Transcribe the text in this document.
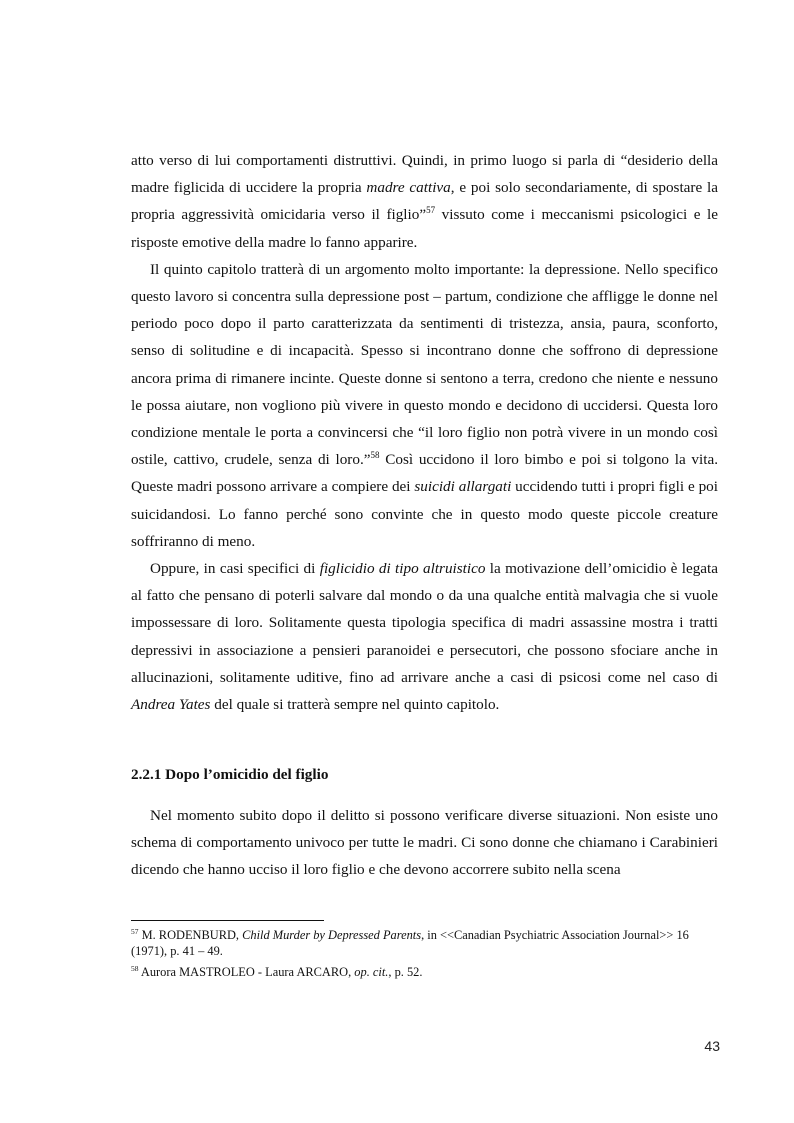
atto verso di lui comportamenti distruttivi. Quindi, in primo luogo si parla di “desiderio della madre figlicida di uccidere la propria madre cattiva, e poi solo secondariamente, di spostare la propria aggressività omicidaria verso il figlio”$^{57}$ vissuto come i meccanismi psicologici e le risposte emotive della madre lo fanno apparire.

Il quinto capitolo tratterà di un argomento molto importante: la depressione. Nello specifico questo lavoro si concentra sulla depressione post – partum, condizione che affligge le donne nel periodo poco dopo il parto caratterizzata da sentimenti di tristezza, ansia, paura, sconforto, senso di solitudine e di incapacità. Spesso si incontrano donne che soffrono di depressione ancora prima di rimanere incinte. Queste donne si sentono a terra, credono che niente e nessuno le possa aiutare, non vogliono più vivere in questo mondo e decidono di uccidersi. Questa loro condizione mentale le porta a convincersi che “il loro figlio non potrà vivere in un mondo così ostile, cattivo, crudele, senza di loro.”$^{58}$ Così uccidono il loro bimbo e poi si tolgono la vita. Queste madri possono arrivare a compiere dei suicidi allargati uccidendo tutti i propri figli e poi suicidandosi. Lo fanno perché sono convinte che in questo modo queste piccole creature soffriranno di meno.

Oppure, in casi specifici di figlicidio di tipo altruistico la motivazione dell’omicidio è legata al fatto che pensano di poterli salvare dal mondo o da una qualche entità malvagia che si vuole impossessare di loro. Solitamente questa tipologia specifica di madri assassine mostra i tratti depressivi in associazione a pensieri paranoidei e persecutori, che possono sfociare anche in allucinazioni, solitamente uditive, fino ad arrivare anche a casi di psicosi come nel caso di Andrea Yates del quale si tratterà sempre nel quinto capitolo.

2.2.1 Dopo l’omicidio del figlio

Nel momento subito dopo il delitto si possono verificare diverse situazioni. Non esiste uno schema di comportamento univoco per tutte le madri. Ci sono donne che chiamano i Carabinieri dicendo che hanno ucciso il loro figlio e che devono accorrere subito nella scena

$^{57}$ M. RODENBURD, Child Murder by Depressed Parents, in <<Canadian Psychiatric Association Journal>> 16 (1971), p. 41 – 49.

$^{58}$ Aurora MASTROLEO - Laura ARCARO, op. cit., p. 52.

43
